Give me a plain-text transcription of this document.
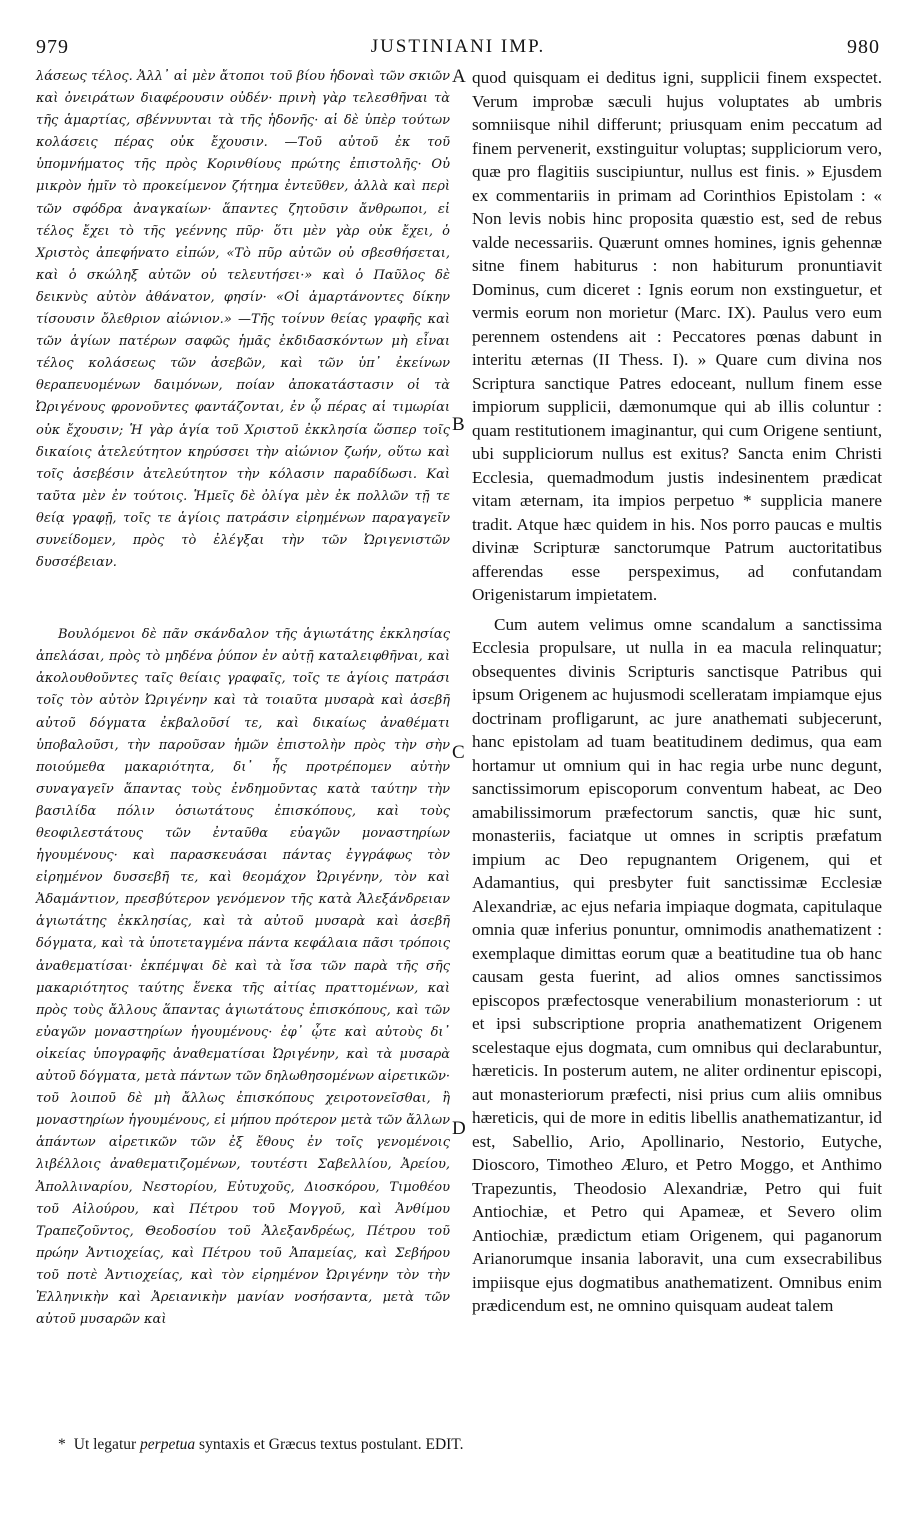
979	JUSTINIANI IMP.	980

λάσεως τέλος. Ἀλλ᾽ αἱ μὲν ἄτοποι τοῦ βίου ἡδοναὶ τῶν σκιῶν καὶ ὀνειράτων διαφέρουσιν οὐδέν· πρινὴ γὰρ τελεσθῆναι τὰ τῆς ἁμαρτίας, σβέννυνται τὰ τῆς ἡδονῆς· αἱ δὲ ὑπὲρ τούτων κολάσεις πέρας οὐκ ἔχουσιν. —Τοῦ αὐτοῦ ἐκ τοῦ ὑπομνήματος τῆς πρὸς Κορινθίους πρώτης ἐπιστολῆς· Οὐ μικρὸν ἡμῖν τὸ προκείμενον ζήτημα ἐντεῦθεν, ἀλλὰ καὶ περὶ τῶν σφόδρα ἀναγκαίων· ἅπαντες ζητοῦσιν ἄνθρωποι, εἰ τέλος ἔχει τὸ τῆς γεέννης πῦρ· ὅτι μὲν γὰρ οὐκ ἔχει, ὁ Χριστὸς ἀπεφήνατο εἰπών, «Τὸ πῦρ αὐτῶν οὐ σβεσθήσεται, καὶ ὁ σκώληξ αὐτῶν οὐ τελευτήσει·» καὶ ὁ Παῦλος δὲ δεικνὺς αὐτὸν ἀθάνατον, φησίν· «Οἱ ἁμαρτάνοντες δίκην τίσουσιν ὄλεθριον αἰώνιον.» —Τῆς τοίνυν θείας γραφῆς καὶ τῶν ἁγίων πατέρων σαφῶς ἡμᾶς ἐκδιδασκόντων μὴ εἶναι τέλος κολάσεως τῶν ἀσεβῶν, καὶ τῶν ὑπ᾽ ἐκείνων θεραπευομένων δαιμόνων, ποίαν ἀποκατάστασιν οἱ τὰ Ὠριγένους φρονοῦντες φαντάζονται, ἐν ᾧ πέρας αἱ τιμωρίαι οὐκ ἔχουσιν; Ἡ γὰρ ἁγία τοῦ Χριστοῦ ἐκκλησία ὥσπερ τοῖς δικαίοις ἀτελεύτητον κηρύσσει τὴν αἰώνιον ζωήν, οὕτω καὶ τοῖς ἀσεβέσιν ἀτελεύτητον τὴν κόλασιν παραδίδωσι. Καὶ ταῦτα μὲν ἐν τούτοις. Ἡμεῖς δὲ ὀλίγα μὲν ἐκ πολλῶν τῇ τε θείᾳ γραφῇ, τοῖς τε ἁγίοις πατράσιν εἰρημένων παραγαγεῖν συνείδομεν, πρὸς τὸ ἐλέγξαι τὴν τῶν Ὠριγενιστῶν δυσσέβειαν.

Βουλόμενοι δὲ πᾶν σκάνδαλον τῆς ἁγιωτάτης ἐκκλησίας ἀπελάσαι, πρὸς τὸ μηδένα ῥύπον ἐν αὐτῇ καταλειφθῆναι, καὶ ἀκολουθοῦντες ταῖς θείαις γραφαῖς, τοῖς τε ἁγίοις πατράσι τοῖς τὸν αὐτὸν Ὠριγένην καὶ τὰ τοιαῦτα μυσαρὰ καὶ ἀσεβῆ αὐτοῦ δόγματα ἐκβαλοῦσί τε, καὶ δικαίως ἀναθέματι ὑποβαλοῦσι, τὴν παροῦσαν ἡμῶν ἐπιστολὴν πρὸς τὴν σὴν ποιούμεθα μακαριότητα, δι᾽ ἧς προτρέπομεν αὐτὴν συναγαγεῖν ἅπαντας τοὺς ἐνδημοῦντας κατὰ ταύτην τὴν βασιλίδα πόλιν ὁσιωτάτους ἐπισκόπους, καὶ τοὺς θεοφιλεστάτους τῶν ἐνταῦθα εὐαγῶν μοναστηρίων ἡγουμένους· καὶ παρασκευάσαι πάντας ἐγγράφως τὸν εἰρημένον δυσσεβῆ τε, καὶ θεομάχον Ὠριγένην, τὸν καὶ Ἀδαμάντιον, πρεσβύτερον γενόμενον τῆς κατὰ Ἀλεξάνδρειαν ἁγιωτάτης ἐκκλησίας, καὶ τὰ αὐτοῦ μυσαρὰ καὶ ἀσεβῆ δόγματα, καὶ τὰ ὑποτεταγμένα πάντα κεφάλαια πᾶσι τρόποις ἀναθεματίσαι· ἐκπέμψαι δὲ καὶ τὰ ἴσα τῶν παρὰ τῆς σῆς μακαριότητος ταύτης ἕνεκα τῆς αἰτίας πραττομένων, καὶ πρὸς τοὺς ἄλλους ἅπαντας ἁγιωτάτους ἐπισκόπους, καὶ τῶν εὐαγῶν μοναστηρίων ἡγουμένους· ἐφ᾽ ᾧτε καὶ αὐτοὺς δι᾽ οἰκείας ὑπογραφῆς ἀναθεματίσαι Ὠριγένην, καὶ τὰ μυσαρὰ αὐτοῦ δόγματα, μετὰ πάντων τῶν δηλωθησομένων αἱρετικῶν· τοῦ λοιποῦ δὲ μὴ ἄλλως ἐπισκόπους χειροτονεῖσθαι, ἢ μοναστηρίων ἡγουμένους, εἰ μήπου πρότερον μετὰ τῶν ἄλλων ἁπάντων αἱρετικῶν τῶν ἐξ ἔθους ἐν τοῖς γενομένοις λιβέλλοις ἀναθεματιζομένων, τουτέστι Σαβελλίου, Ἀρείου, Ἀπολλιναρίου, Νεστορίου, Εὐτυχοῦς, Διοσκόρου, Τιμοθέου τοῦ Αἰλούρου, καὶ Πέτρου τοῦ Μογγοῦ, καὶ Ἀνθίμου Τραπεζοῦντος, Θεοδοσίου τοῦ Ἀλεξανδρέως, Πέτρου τοῦ πρώην Ἀντιοχείας, καὶ Πέτρου τοῦ Ἀπαμείας, καὶ Σεβήρου τοῦ ποτὲ Ἀντιοχείας, καὶ τὸν εἰρημένον Ὠριγένην τὸν τὴν Ἑλληνικὴν καὶ Ἀρειανικὴν μανίαν νοσήσαντα, μετὰ τῶν αὐτοῦ μυσαρῶν καὶ

quod quisquam ei deditus igni, supplicii finem exspectet. Verum improbæ sæculi hujus voluptates ab umbris somniisque nihil differunt; priusquam enim peccatum ad finem pervenerit, exstinguitur voluptas; suppliciorum vero, quæ pro flagitiis suscipiuntur, nullus est finis. » Ejusdem ex commentariis in primam ad Corinthios Epistolam : « Non levis nobis hinc proposita quæstio est, sed de rebus valde necessariis. Quærunt omnes homines, ignis gehennæ sitne finem habiturus : non habiturum pronuntiavit Dominus, cum diceret : Ignis eorum non exstinguetur, et vermis eorum non morietur (Marc. IX). Paulus vero eum perennem ostendens ait : Peccatores pœnas dabunt in interitu æternas (II Thess. I). » Quare cum divina nos Scriptura sanctique Patres edoceant, nullum finem esse impiorum supplicii, dæmonumque qui ab illis coluntur : quam restitutionem imaginantur, qui cum Origene sentiunt, ubi suppliciorum nullus est exitus? Sancta enim Christi Ecclesia, quemadmodum justis indesinentem prædicat vitam æternam, ita impios perpetuo * supplicia manere tradit. Atque hæc quidem in his. Nos porro paucas e multis divinæ Scripturæ sanctorumque Patrum auctoritatibus afferendas esse perspeximus, ad confutandam Origenistarum impietatem.

Cum autem velimus omne scandalum a sanctissima Ecclesia propulsare, ut nulla in ea macula relinquatur; obsequentes divinis Scripturis sanctisque Patribus qui ipsum Origenem ac hujusmodi scelleratam impiamque ejus doctrinam profligarunt, ac jure anathemati subjecerunt, hanc epistolam ad tuam beatitudinem dedimus, qua eam hortamur ut omnium qui in hac regia urbe nunc degunt, sanctissimorum episcoporum conventum habeat, ac Deo amabilissimorum præfectorum sanctis, quæ hic sunt, monasteriis, faciatque ut omnes in scriptis præfatum impium ac Deo repugnantem Origenem, qui et Adamantius, qui presbyter fuit sanctissimæ Ecclesiæ Alexandriæ, ac ejus nefaria impiaque dogmata, capitulaque omnia quæ inferius ponuntur, omnimodis anathematizent : exemplaque dimittas eorum quæ a beatitudine tua ob hanc causam gesta fuerint, ad alios omnes sanctissimos episcopos præfectosque venerabilium monasteriorum : ut et ipsi subscriptione propria anathematizent Origenem scelestaque ejus dogmata, cum omnibus qui declarabuntur, hæreticis. In posterum autem, ne aliter ordinentur episcopi, aut monasteriorum præfecti, nisi prius cum aliis omnibus hæreticis, qui de more in editis libellis anathematizantur, id est, Sabellio, Ario, Apollinario, Nestorio, Eutyche, Dioscoro, Timotheo Æluro, et Petro Moggo, et Anthimo Trapezuntis, Theodosio Alexandriæ, Petro qui fuit Antiochiæ, et Petro qui Apameæ, et Severo olim Antiochiæ, prædictum etiam Origenem, qui paganorum Arianorumque insania laboravit, una cum exsecrabilibus impiisque ejus dogmatibus anathematizent. Omnibus enim prædicendum est, ne omnino quisquam audeat talem

A
B
C
D
* Ut legatur perpetua syntaxis et Græcus textus postulant. EDIT.
